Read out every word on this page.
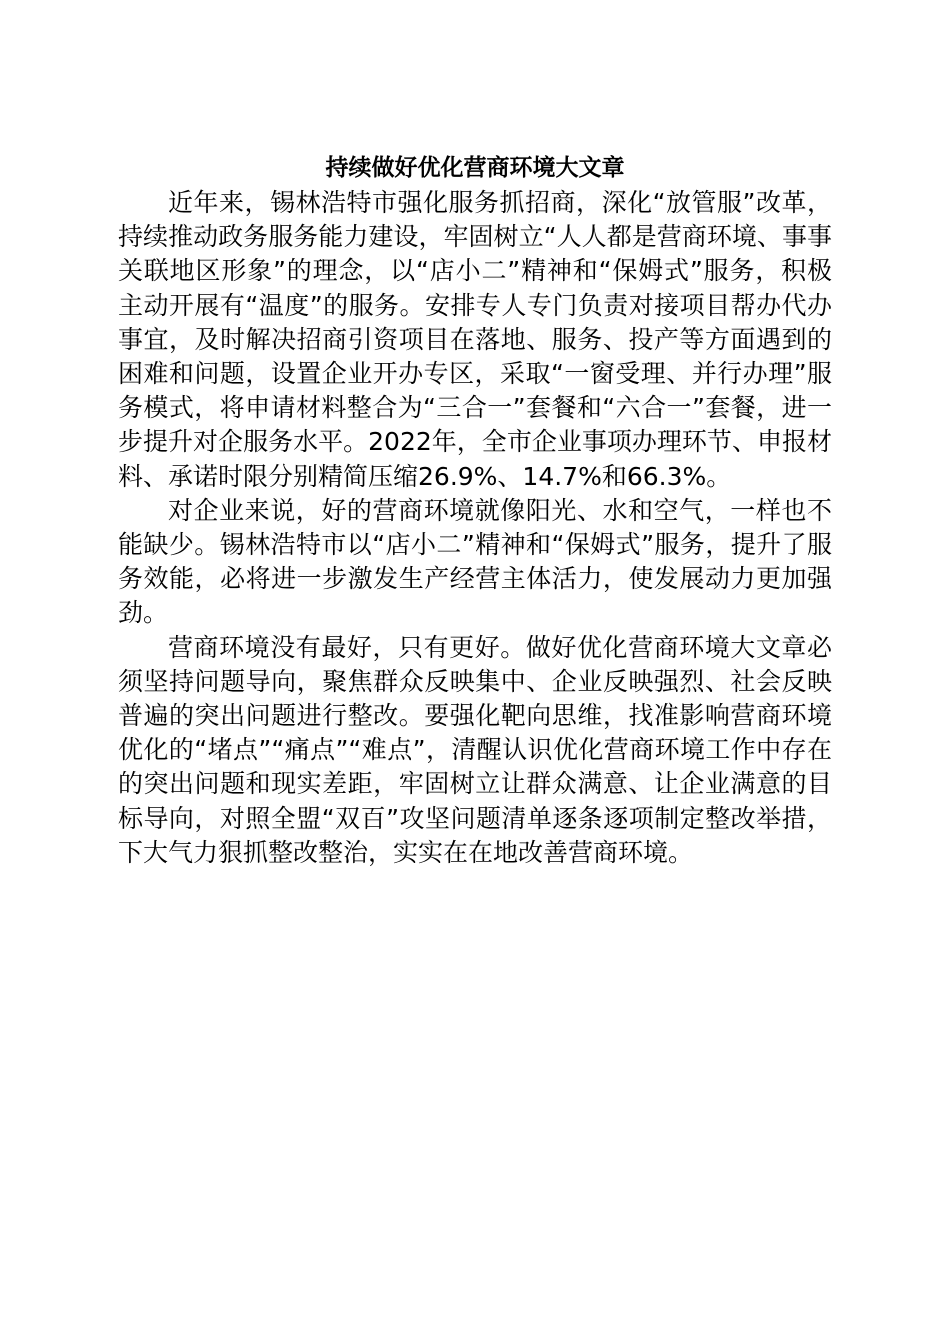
持续做好优化营商环境大文章

近年来，锡林浩特市强化服务抓招商，深化“放管服”改革，持续推动政务服务能力建设，牢固树立“人人都是营商环境、事事关联地区形象”的理念，以“店小二”精神和“保姆式”服务，积极主动开展有“温度”的服务。安排专人专门负责对接项目帮办代办事宜，及时解决招商引资项目在落地、服务、投产等方面遇到的困难和问题，设置企业开办专区，采取“一窗受理、并行办理”服务模式，将申请材料整合为“三合一”套餐和“六合一”套餐，进一步提升对企服务水平。2022年，全市企业事项办理环节、申报材料、承诺时限分别精简压缩26.9%、14.7%和66.3%。

对企业来说，好的营商环境就像阳光、水和空气，一样也不能缺少。锡林浩特市以“店小二”精神和“保姆式”服务，提升了服务效能，必将进一步激发生产经营主体活力，使发展动力更加强劲。

营商环境没有最好，只有更好。做好优化营商环境大文章必须坚持问题导向，聚焦群众反映集中、企业反映强烈、社会反映普遍的突出问题进行整改。要强化靶向思维，找准影响营商环境优化的“堵点”“痛点”“难点”，清醒认识优化营商环境工作中存在的突出问题和现实差距，牢固树立让群众满意、让企业满意的目标导向，对照全盟“双百”攻坚问题清单逐条逐项制定整改举措，下大气力狠抓整改整治，实实在在地改善营商环境。
